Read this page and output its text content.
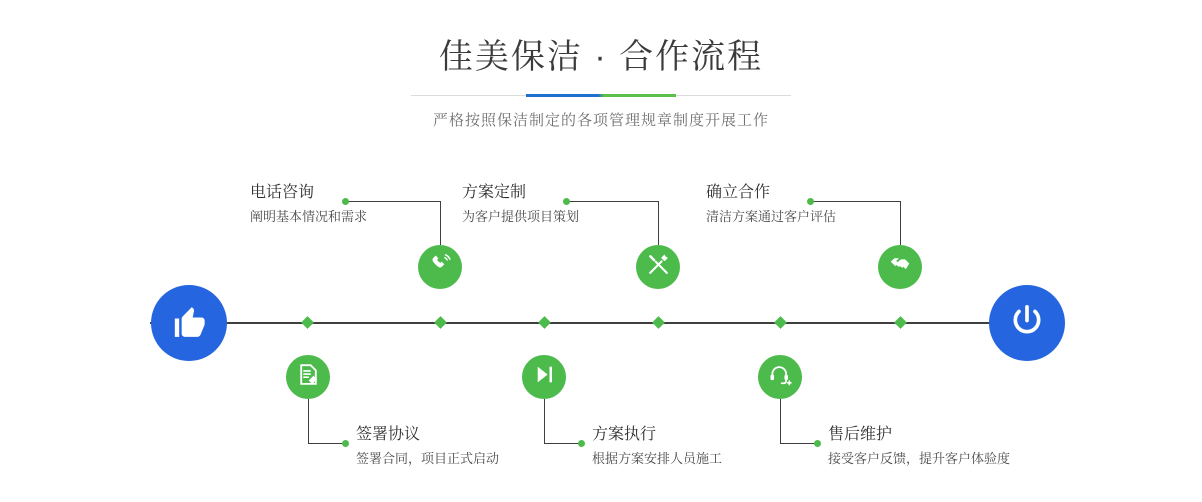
佳美保洁 · 合作流程
严格按照保洁制定的各项管理规章制度开展工作
电话咨询
阐明基本情况和需求
签署协议
签署合同，项目正式启动
方案定制
为客户提供项目策划
方案执行
根据方案安排人员施工
确立合作
清洁方案通过客户评估
售后维护
接受客户反馈，提升客户体验度
